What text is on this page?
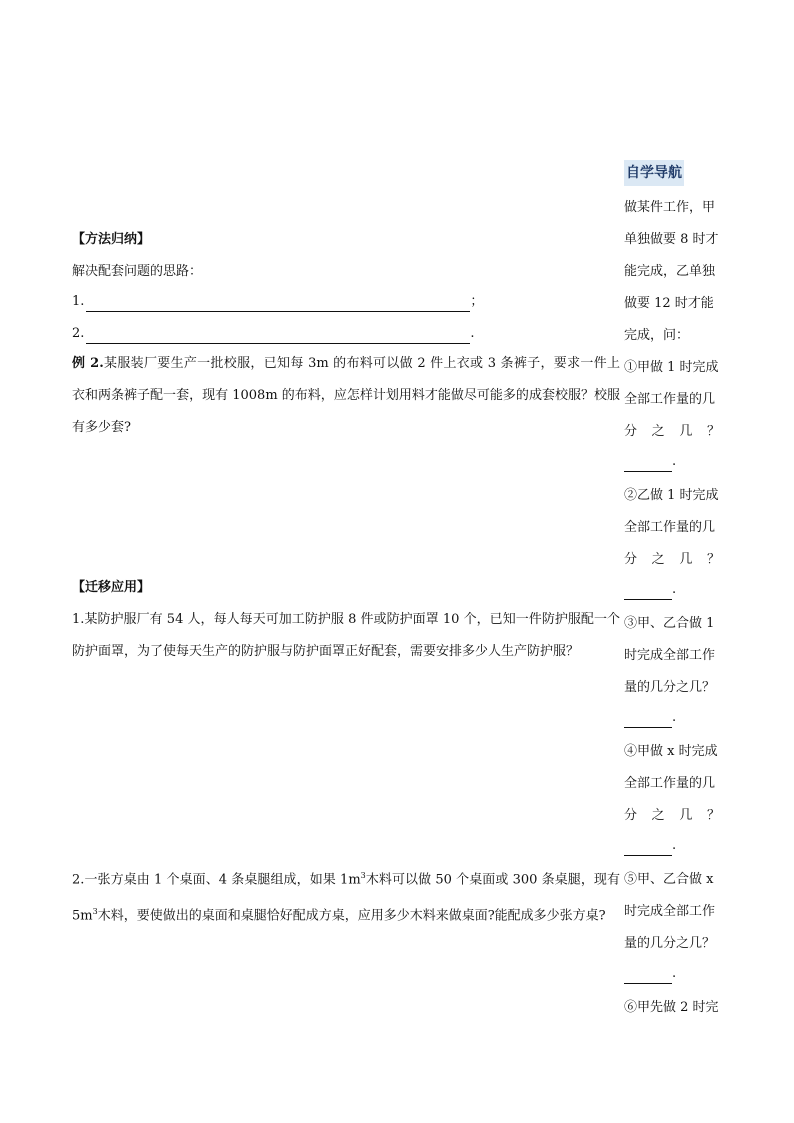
【方法归纳】
解决配套问题的思路：
1.	；
2.	.
例 2.某服装厂要生产一批校服，已知每 3m 的布料可以做 2 件上衣或 3 条裤子，要求一件上衣和两条裤子配一套，现有 1008m 的布料，应怎样计划用料才能做尽可能多的成套校服？校服有多少套?
【迁移应用】
1.某防护服厂有 54 人，每人每天可加工防护服 8 件或防护面罩 10 个，已知一件防护服配一个防护面罩，为了使每天生产的防护服与防护面罩正好配套，需要安排多少人生产防护服？
2.一张方桌由 1 个桌面、4 条桌腿组成，如果 $1m^3$木料可以做 50 个桌面或 300 条桌腿，现有 $5m^3$木料，要使做出的桌面和桌腿恰好配成方桌，应用多少木料来做桌面?能配成多少张方桌?
自学导航
做某件工作，甲
单独做要 8 时才
能完成，乙单独
做要 12 时才能
完成，问：
①甲做 1 时完成
全部工作量的几
分 之 几 ？
.
②乙做 1 时完成
全部工作量的几
分 之 几 ？
.
③甲、乙合做 1
时完成全部工作
量的几分之几？
.
④甲做 x 时完成
全部工作量的几
分 之 几 ？
.
⑤甲、乙合做 x
时完成全部工作
量的几分之几？
.
⑥甲先做 2 时完
